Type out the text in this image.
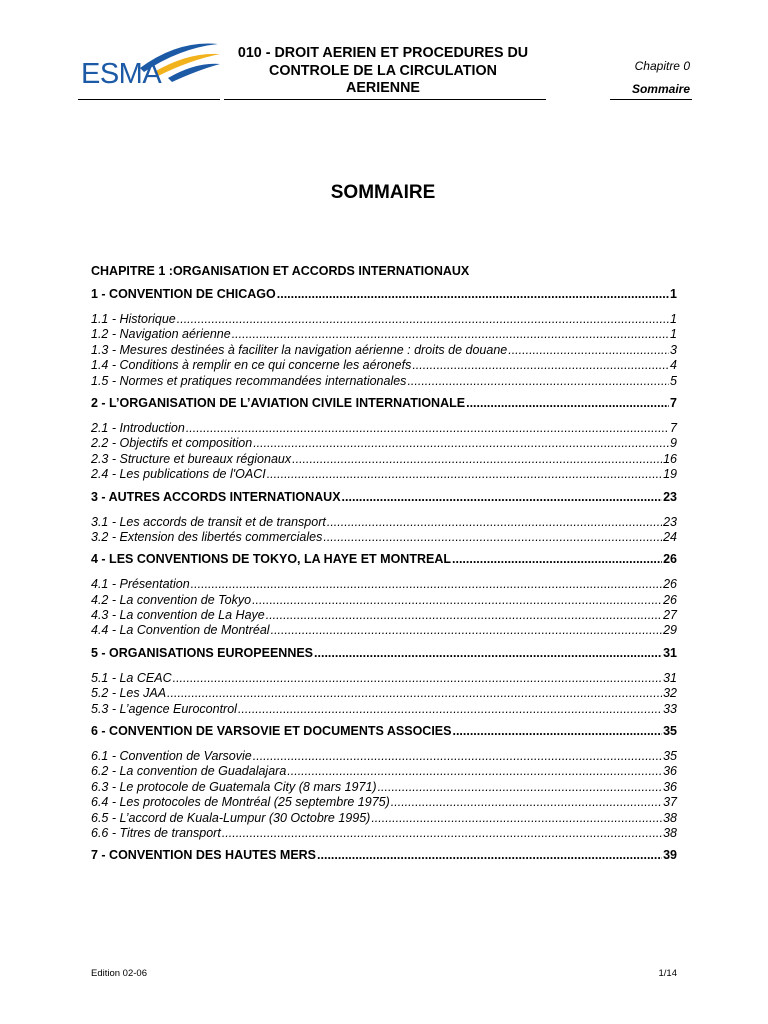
ESMA
010 - DROIT AERIEN ET PROCEDURES DU
CONTROLE DE LA CIRCULATION
AERIENNE
Chapitre 0
Sommaire
SOMMAIRE
CHAPITRE 1 :ORGANISATION ET ACCORDS INTERNATIONAUX
1 - CONVENTION DE CHICAGO .....	1
1.1 - Historique .....	1
1.2 - Navigation aérienne .....	1
1.3 - Mesures destinées à faciliter la navigation aérienne : droits de douane .....	3
1.4 - Conditions à remplir en ce qui concerne les aéronefs .....	4
1.5 - Normes et pratiques recommandées internationales .....	5
2 - L’ORGANISATION DE L’AVIATION CIVILE INTERNATIONALE .....	7
2.1 - Introduction .....	7
2.2 - Objectifs et composition .....	9
2.3 - Structure et bureaux régionaux .....	16
2.4 - Les publications de l'OACI .....	19
3 - AUTRES ACCORDS INTERNATIONAUX .....	23
3.1 - Les accords de transit et de transport .....	23
3.2 - Extension des libertés commerciales .....	24
4 - LES CONVENTIONS DE TOKYO, LA HAYE ET MONTREAL .....	26
4.1 - Présentation .....	26
4.2 - La convention de Tokyo .....	26
4.3 - La convention de La Haye .....	27
4.4 - La Convention de Montréal .....	29
5 - ORGANISATIONS EUROPEENNES .....	31
5.1 - La CEAC .....	31
5.2 - Les JAA .....	32
5.3 - L’agence Eurocontrol .....	33
6 - CONVENTION DE VARSOVIE ET DOCUMENTS ASSOCIES .....	35
6.1 - Convention de Varsovie .....	35
6.2 - La convention de Guadalajara .....	36
6.3 - Le protocole de Guatemala City (8 mars 1971) .....	36
6.4 - Les protocoles de Montréal (25 septembre 1975) .....	37
6.5 - L’accord de Kuala-Lumpur (30 Octobre 1995) .....	38
6.6 - Titres de transport .....	38
7 - CONVENTION DES HAUTES MERS .....	39
Edition 02-06	1/14
